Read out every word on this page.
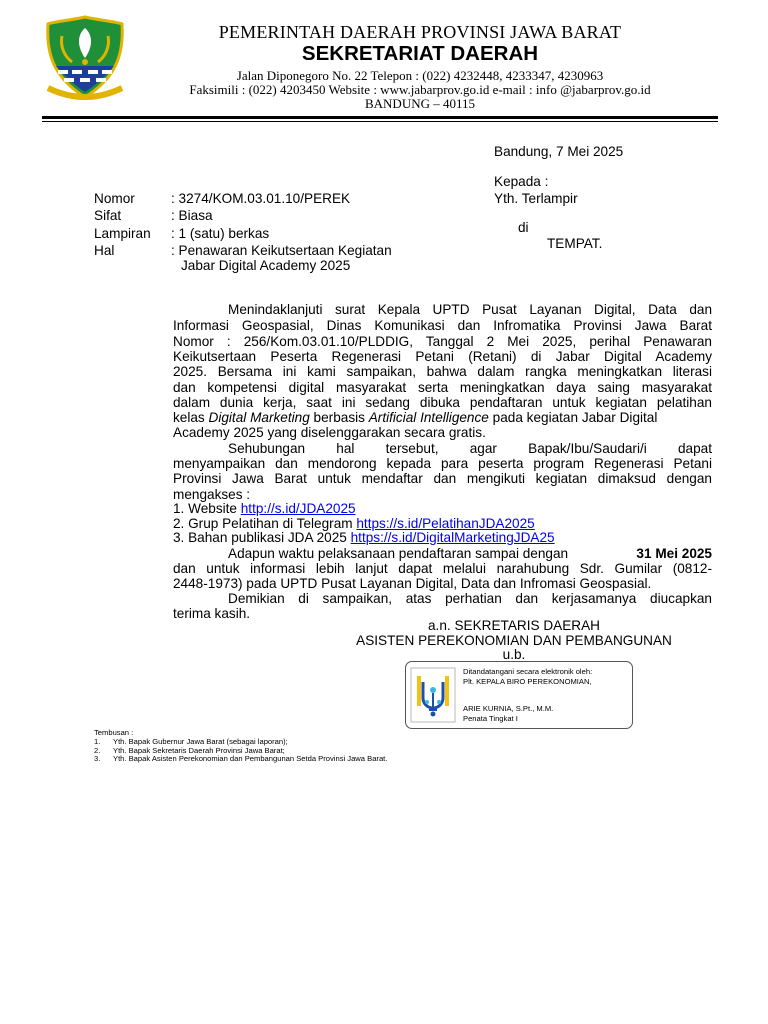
PEMERINTAH DAERAH PROVINSI JAWA BARAT
SEKRETARIAT DAERAH
Jalan Diponegoro No. 22 Telepon : (022) 4232448, 4233347, 4230963
Faksimili : (022) 4203450 Website : www.jabarprov.go.id e-mail : info @jabarprov.go.id
BANDUNG – 40115
Bandung, 7 Mei 2025
Kepada :
Yth. Terlampir
di
TEMPAT.
Nomor	: 3274/KOM.03.01.10/PEREK
Sifat	: Biasa
Lampiran : 1 (satu) berkas
Hal	: Penawaran Keikutsertaan Kegiatan
Jabar Digital Academy 2025
Menindaklanjuti surat Kepala UPTD Pusat Layanan Digital, Data dan
Informasi Geospasial, Dinas Komunikasi dan Infromatika Provinsi Jawa Barat
Nomor : 256/Kom.03.01.10/PLDDIG, Tanggal 2 Mei 2025, perihal Penawaran
Keikutsertaan Peserta Regenerasi Petani (Retani) di Jabar Digital Academy
2025. Bersama ini kami sampaikan, bahwa dalam rangka meningkatkan literasi
dan kompetensi digital masyarakat serta meningkatkan daya saing masyarakat
dalam dunia kerja, saat ini sedang dibuka pendaftaran untuk kegiatan pelatihan
kelas Digital Marketing berbasis Artificial Intelligence pada kegiatan Jabar Digital
Academy 2025 yang diselenggarakan secara gratis.
Sehubungan hal tersebut, agar Bapak/Ibu/Saudari/i dapat
menyampaikan dan mendorong kepada para peserta program Regenerasi Petani
Provinsi Jawa Barat untuk mendaftar dan mengikuti kegiatan dimaksud dengan
mengakses :
1. Website http://s.id/JDA2025
2. Grup Pelatihan di Telegram https://s.id/PelatihanJDA2025
3. Bahan publikasi JDA 2025 https://s.id/DigitalMarketingJDA25
Adapun waktu pelaksanaan pendaftaran sampai dengan	31 Mei 2025
dan untuk informasi lebih lanjut dapat melalui narahubung Sdr. Gumilar (0812-
2448-1973) pada UPTD Pusat Layanan Digital, Data dan Infromasi Geospasial.
Demikian di sampaikan, atas perhatian dan kerjasamanya diucapkan
terima kasih.
a.n. SEKRETARIS DAERAH
ASISTEN PEREKONOMIAN DAN PEMBANGUNAN
u.b.
Ditandatangani secara elektronik oleh:
Plt. KEPALA BIRO PEREKONOMIAN,
ARIE KURNIA, S.Pt., M.M.
Penata Tingkat I
Tembusan :
1. Yth. Bapak Gubernur Jawa Barat (sebagai laporan);
2. Yth. Bapak Sekretaris Daerah Provinsi Jawa Barat;
3. Yth. Bapak Asisten Perekonomian dan Pembangunan Setda Provinsi Jawa Barat.
